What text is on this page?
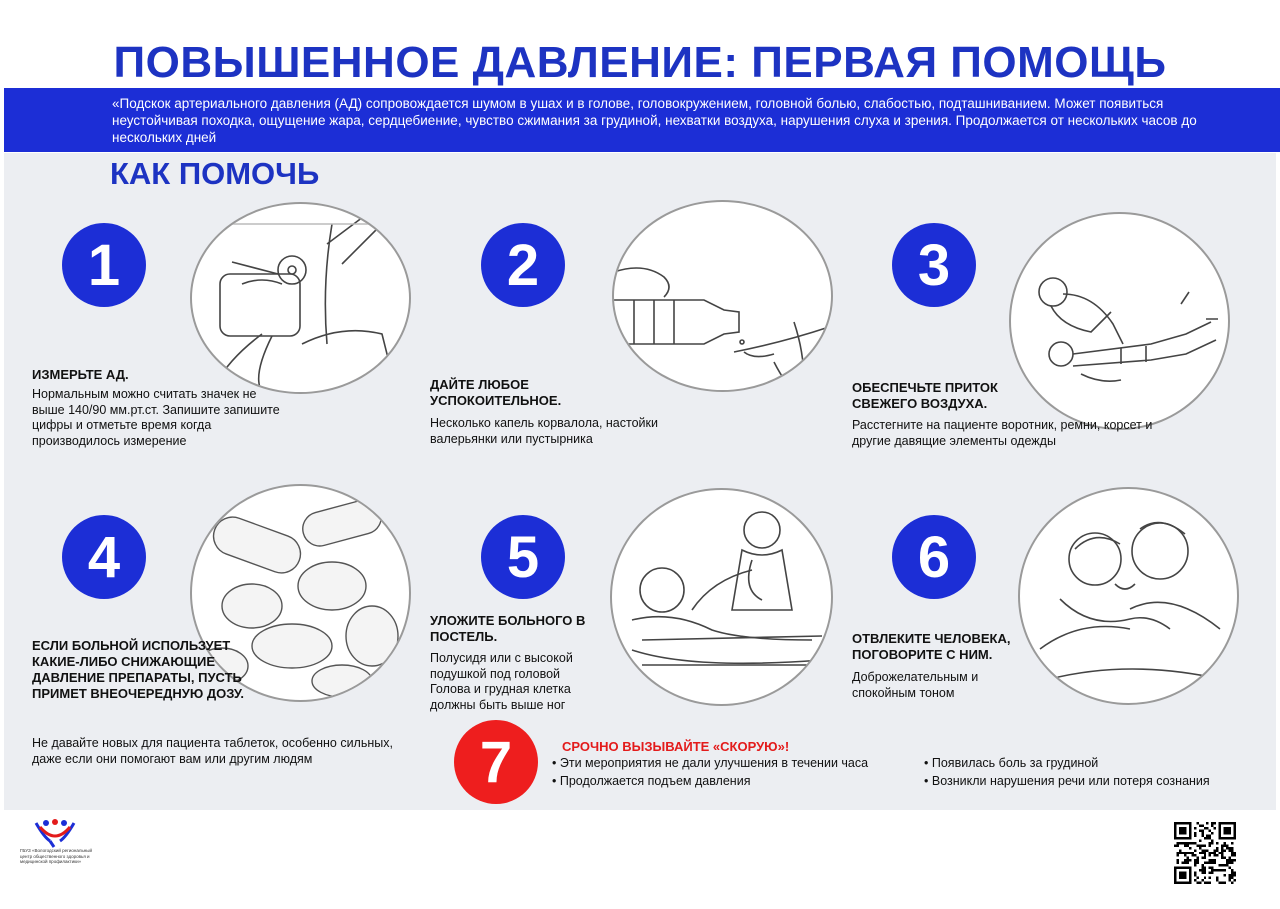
ПОВЫШЕННОЕ ДАВЛЕНИЕ: ПЕРВАЯ ПОМОЩЬ
«Подскок артериального давления (АД) сопровождается шумом в ушах и в голове, головокружением, головной болью, слабостью, подташниванием. Может появиться неустойчивая походка, ощущение жара, сердцебиение, чувство сжимания за грудиной, нехватки воздуха, нарушения слуха и зрения. Продолжается от нескольких часов до нескольких дней
КАК ПОМОЧЬ
1
ИЗМЕРЬТЕ АД.
Нормальным можно считать значек не выше 140/90 мм.рт.ст. Запишите запишите цифры и отметьте время когда производилось измерение
2
ДАЙТЕ ЛЮБОЕ УСПОКОИТЕЛЬНОЕ.
Несколько капель корвалола, настойки валерьянки или пустырника
3
ОБЕСПЕЧЬТЕ ПРИТОК СВЕЖЕГО ВОЗДУХА.
Расстегните на пациенте воротник, ремни, корсет и другие давящие элементы одежды
4
ЕСЛИ БОЛЬНОЙ ИСПОЛЬЗУЕТ КАКИЕ-ЛИБО СНИЖАЮЩИЕ ДАВЛЕНИЕ ПРЕПАРАТЫ, ПУСТЬ ПРИМЕТ ВНЕОЧЕРЕДНУЮ ДОЗУ.
Не давайте новых для пациента таблеток, особенно сильных, даже если они помогают вам или другим людям
5
УЛОЖИТЕ БОЛЬНОГО В ПОСТЕЛЬ.
Полусидя или с высокой подушкой под головой Голова и грудная клетка должны быть выше ног
6
ОТВЛЕКИТЕ ЧЕЛОВЕКА, ПОГОВОРИТЕ С НИМ.
Доброжелательным и спокойным тоном
7	СРОЧНО ВЫЗЫВАЙТЕ «СКОРУЮ»!
• Эти мероприятия не дали улучшения в течении часа
• Продолжается подъем давления
• Появилась боль за грудиной
• Возникли нарушения речи или потеря сознания
ГБУЗ «Вологодский региональный центр общественного здоровья и медицинской профилактики»
